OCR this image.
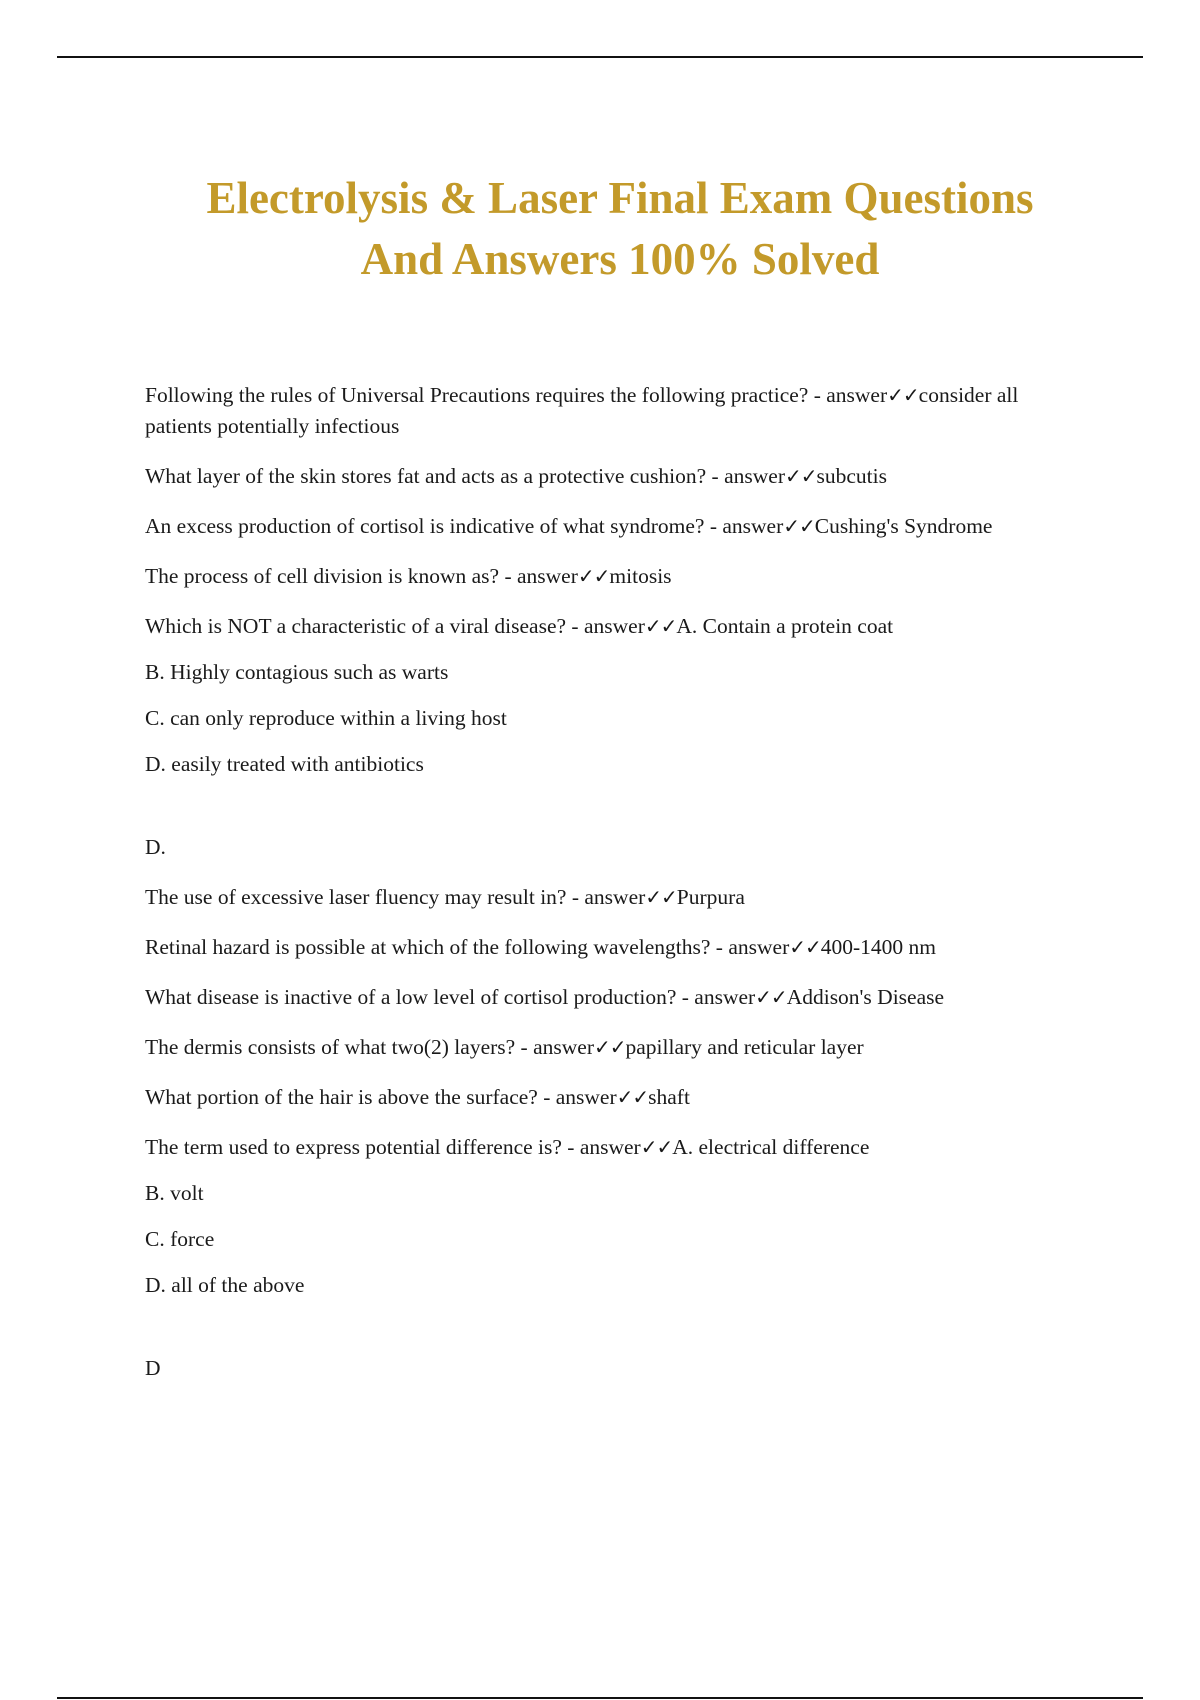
Electrolysis & Laser Final Exam Questions
And Answers 100% Solved

Following the rules of Universal Precautions requires the following practice? - answer✓✓consider all patients potentially infectious

What layer of the skin stores fat and acts as a protective cushion? - answer✓✓subcutis

An excess production of cortisol is indicative of what syndrome? - answer✓✓Cushing's Syndrome

The process of cell division is known as? - answer✓✓mitosis

Which is NOT a characteristic of a viral disease? - answer✓✓A. Contain a protein coat

B. Highly contagious such as warts

C. can only reproduce within a living host

D. easily treated with antibiotics

D.

The use of excessive laser fluency may result in? - answer✓✓Purpura

Retinal hazard is possible at which of the following wavelengths? - answer✓✓400-1400 nm

What disease is inactive of a low level of cortisol production? - answer✓✓Addison's Disease

The dermis consists of what two(2) layers? - answer✓✓papillary and reticular layer

What portion of the hair is above the surface? - answer✓✓shaft

The term used to express potential difference is? - answer✓✓A. electrical difference

B. volt

C. force

D. all of the above

D
